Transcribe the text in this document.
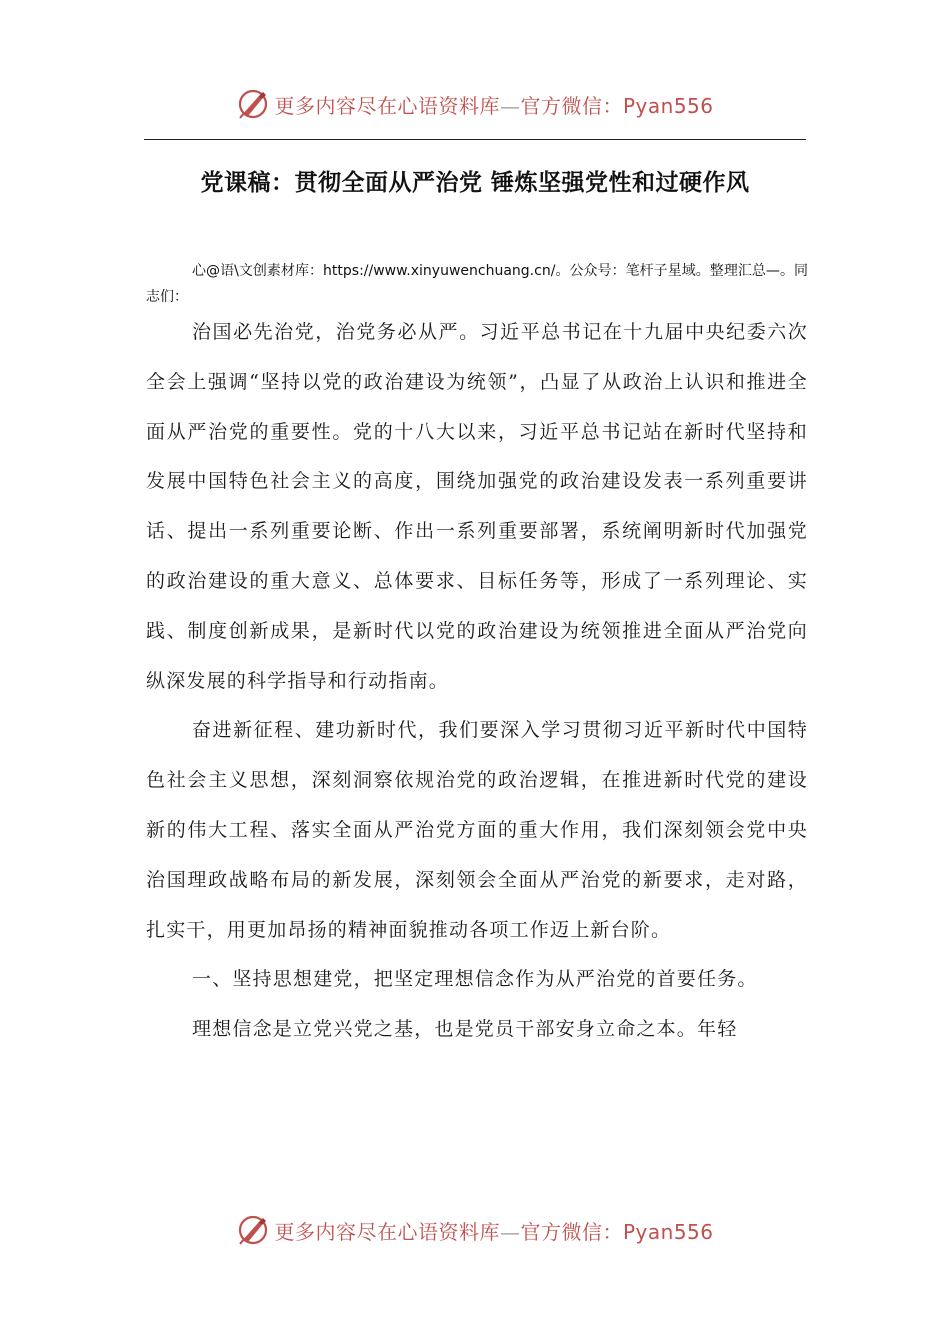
更多内容尽在心语资料库—官方微信：Pyan556
党课稿：贯彻全面从严治党 锤炼坚强党性和过硬作风

心@语\文创素材库：https://www.xinyuwenchuang.cn/。公众号：笔杆子星域。整理汇总—。同志们：

治国必先治党，治党务必从严。习近平总书记在十九届中央纪委六次全会上强调“坚持以党的政治建设为统领”，凸显了从政治上认识和推进全面从严治党的重要性。党的十八大以来，习近平总书记站在新时代坚持和发展中国特色社会主义的高度，围绕加强党的政治建设发表一系列重要讲话、提出一系列重要论断、作出一系列重要部署，系统阐明新时代加强党的政治建设的重大意义、总体要求、目标任务等，形成了一系列理论、实践、制度创新成果，是新时代以党的政治建设为统领推进全面从严治党向纵深发展的科学指导和行动指南。

奋进新征程、建功新时代，我们要深入学习贯彻习近平新时代中国特色社会主义思想，深刻洞察依规治党的政治逻辑，在推进新时代党的建设新的伟大工程、落实全面从严治党方面的重大作用，我们深刻领会党中央治国理政战略布局的新发展，深刻领会全面从严治党的新要求，走对路，扎实干，用更加昂扬的精神面貌推动各项工作迈上新台阶。

一、坚持思想建党，把坚定理想信念作为从严治党的首要任务。

理想信念是立党兴党之基，也是党员干部安身立命之本。年轻

更多内容尽在心语资料库—官方微信：Pyan556
